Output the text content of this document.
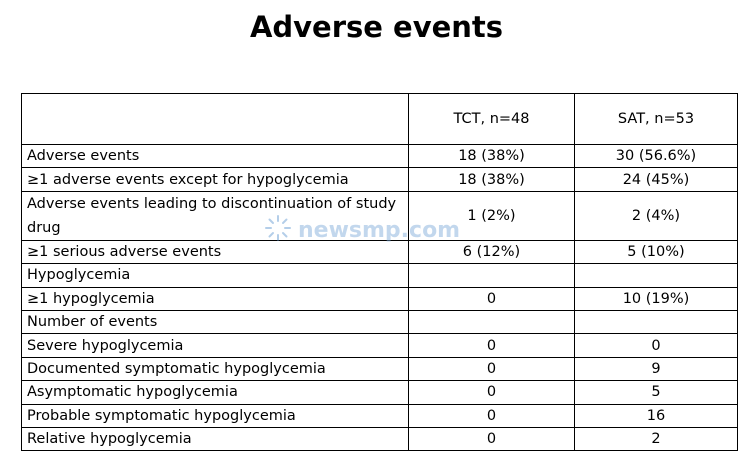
Adverse events
	TCT, n=48	SAT, n=53
Adverse events	18 (38%)	30 (56.6%)
≥1 adverse events except for hypoglycemia	18 (38%)	24 (45%)
Adverse events leading to discontinuation of study drug	1 (2%)	2 (4%)
≥1 serious adverse events	6 (12%)	5 (10%)
Hypoglycemia		
≥1 hypoglycemia	0	10 (19%)
Number of events		
Severe hypoglycemia	0	0
Documented symptomatic hypoglycemia	0	9
Asymptomatic hypoglycemia	0	5
Probable symptomatic hypoglycemia	0	16
Relative hypoglycemia	0	2
newsmp.com
